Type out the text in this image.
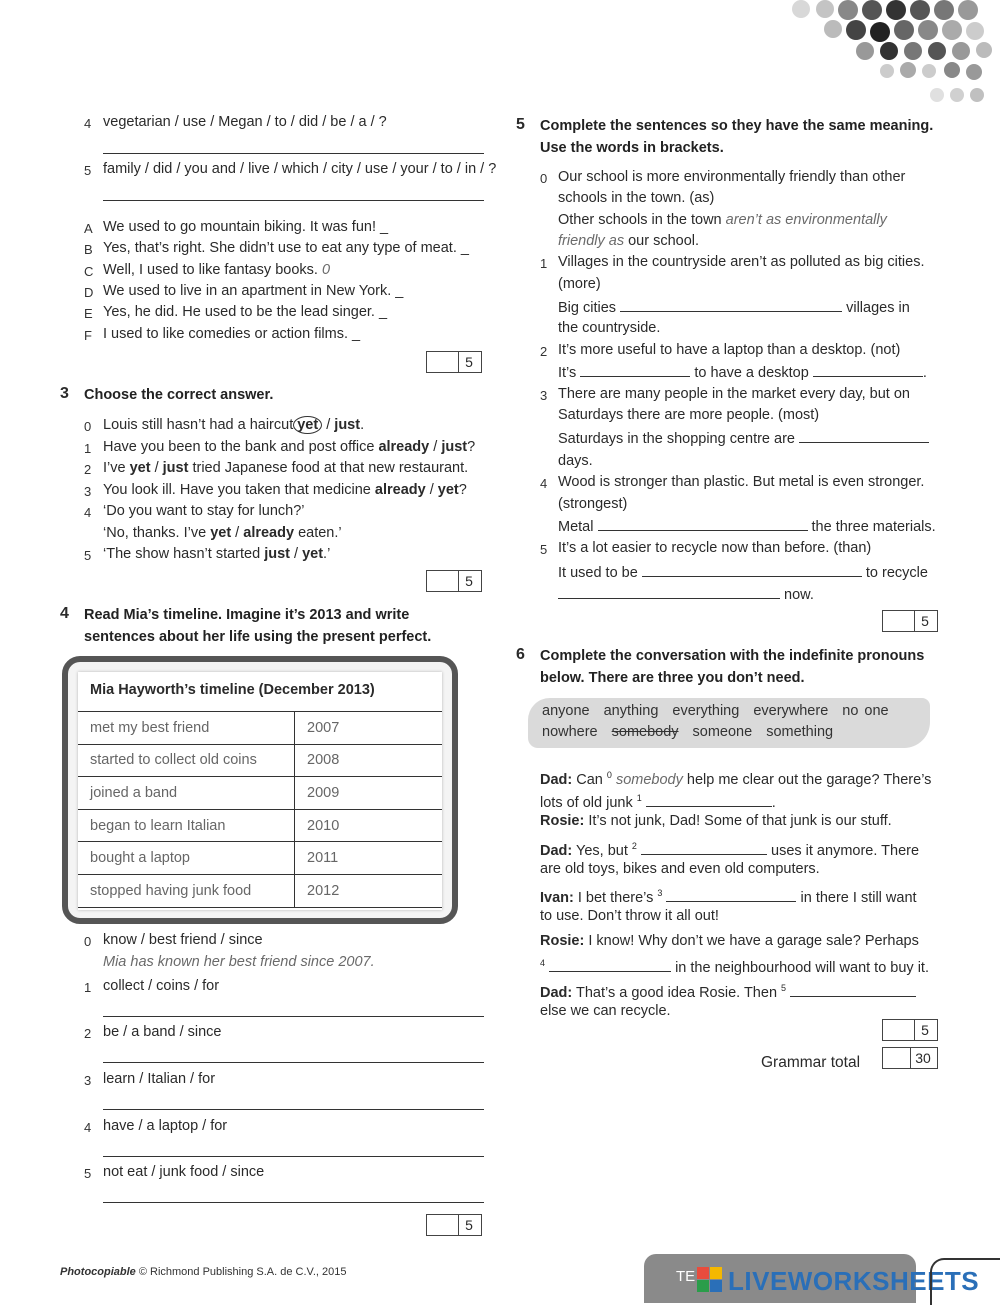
4 vegetarian / use / Megan / to / did / be / a / ?
5 family / did / you and / live / which / city / use / your / to / in / ?
A We used to go mountain biking. It was fun! _
B Yes, that’s right. She didn’t use to eat any type of meat. _
C Well, I used to like fantasy books. 0
D We used to live in an apartment in New York. _
E Yes, he did. He used to be the lead singer. _
F I used to like comedies or action films. _
5
3 Choose the correct answer.
0 Louis still hasn’t had a haircut yet / just.
1 Have you been to the bank and post office already / just?
2 I’ve yet / just tried Japanese food at that new restaurant.
3 You look ill. Have you taken that medicine already / yet?
4 ‘Do you want to stay for lunch?’
‘No, thanks. I’ve yet / already eaten.’
5 ‘The show hasn’t started just / yet.’
5
4 Read Mia’s timeline. Imagine it’s 2013 and write
sentences about her life using the present perfect.
Mia Hayworth’s timeline (December 2013)
met my best friend	2007
started to collect old coins	2008
joined a band	2009
began to learn Italian	2010
bought a laptop	2011
stopped having junk food	2012
0 know / best friend / since
Mia has known her best friend since 2007.
1 collect / coins / for
2 be / a band / since
3 learn / Italian / for
4 have / a laptop / for
5 not eat / junk food / since
5
5 Complete the sentences so they have the same meaning.
Use the words in brackets.
0 Our school is more environmentally friendly than other
schools in the town. (as)
Other schools in the town aren’t as environmentally
friendly as our school.
1 Villages in the countryside aren’t as polluted as big cities.
(more)
Big cities	villages in
the countryside.
2 It’s more useful to have a laptop than a desktop. (not)
It’s	to have a desktop	.
3 There are many people in the market every day, but on
Saturdays there are more people. (most)
Saturdays in the shopping centre are
days.
4 Wood is stronger than plastic. But metal is even stronger.
(strongest)
Metal	the three materials.
5 It’s a lot easier to recycle now than before. (than)
It used to be	to recycle
now.
5
6 Complete the conversation with the indefinite pronouns
below. There are three you don’t need.
anyone anything everything everywhere no one
nowhere somebody someone something
Dad: Can $^0$ somebody help me clear out the garage? There’s
lots of old junk $^1$	.
Rosie: It’s not junk, Dad! Some of that junk is our stuff.
Dad: Yes, but $^2$	uses it anymore. There
are old toys, bikes and even old computers.
Ivan: I bet there’s $^3$	in there I still want
to use. Don’t throw it all out!
Rosie: I know! Why don’t we have a garage sale? Perhaps
$^4$	in the neighbourhood will want to buy it.
Dad: That’s a good idea Rosie. Then $^5$
else we can recycle.
5
Grammar total	30
Photocopiable © Richmond Publishing S.A. de C.V., 2015	TE LIVEWORKSHEETS
